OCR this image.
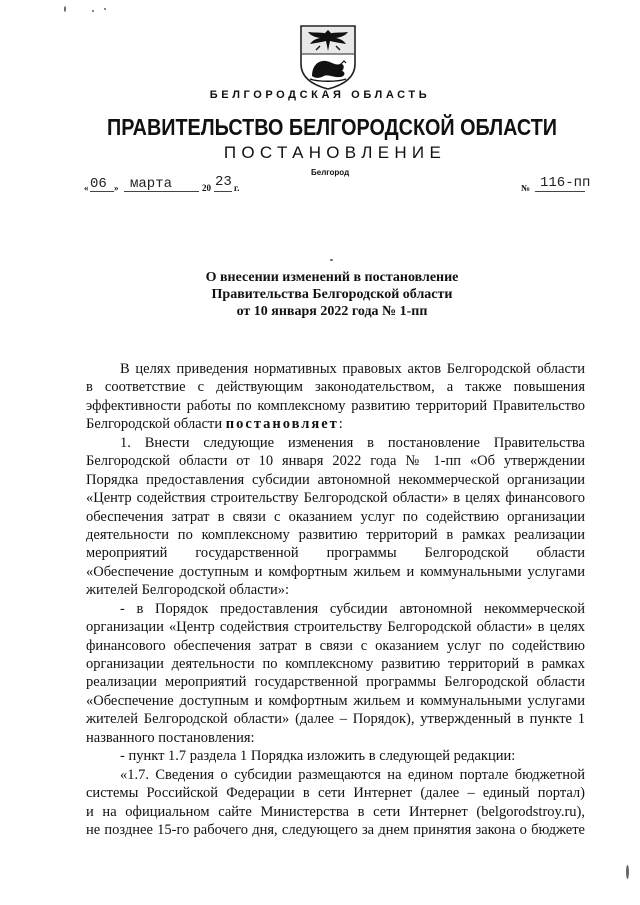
БЕЛГОРОДСКАЯ ОБЛАСТЬ
ПРАВИТЕЛЬСТВО БЕЛГОРОДСКОЙ ОБЛАСТИ
ПОСТАНОВЛЕНИЕ
Белгород
« 06 » марта	20 23 г.	№ 116-пп
О внесении изменений в постановление
Правительства Белгородской области
от 10 января 2022 года № 1-пп
В целях приведения нормативных правовых актов Белгородской области
в соответствие с действующим законодательством, а также повышения
эффективности работы по комплексному развитию территорий Правительство
Белгородской области постановляет:
1. Внести следующие изменения в постановление Правительства
Белгородской области от 10 января 2022 года № 1-пп «Об утверждении
Порядка предоставления субсидии автономной некоммерческой организации
«Центр содействия строительству Белгородской области» в целях финансового
обеспечения затрат в связи с оказанием услуг по содействию организации
деятельности по комплексному развитию территорий в рамках реализации
мероприятий государственной программы Белгородской области
«Обеспечение доступным и комфортным жильем и коммунальными услугами
жителей Белгородской области»:
- в Порядок предоставления субсидии автономной некоммерческой
организации «Центр содействия строительству Белгородской области» в целях
финансового обеспечения затрат в связи с оказанием услуг по содействию
организации деятельности по комплексному развитию территорий в рамках
реализации мероприятий государственной программы Белгородской области
«Обеспечение доступным и комфортным жильем и коммунальными услугами
жителей Белгородской области» (далее – Порядок), утвержденный в пункте 1
названного постановления:
- пункт 1.7 раздела 1 Порядка изложить в следующей редакции:
«1.7. Сведения о субсидии размещаются на едином портале бюджетной
системы Российской Федерации в сети Интернет (далее – единый портал)
и на официальном сайте Министерства в сети Интернет (belgorodstroy.ru),
не позднее 15-го рабочего дня, следующего за днем принятия закона о бюджете
